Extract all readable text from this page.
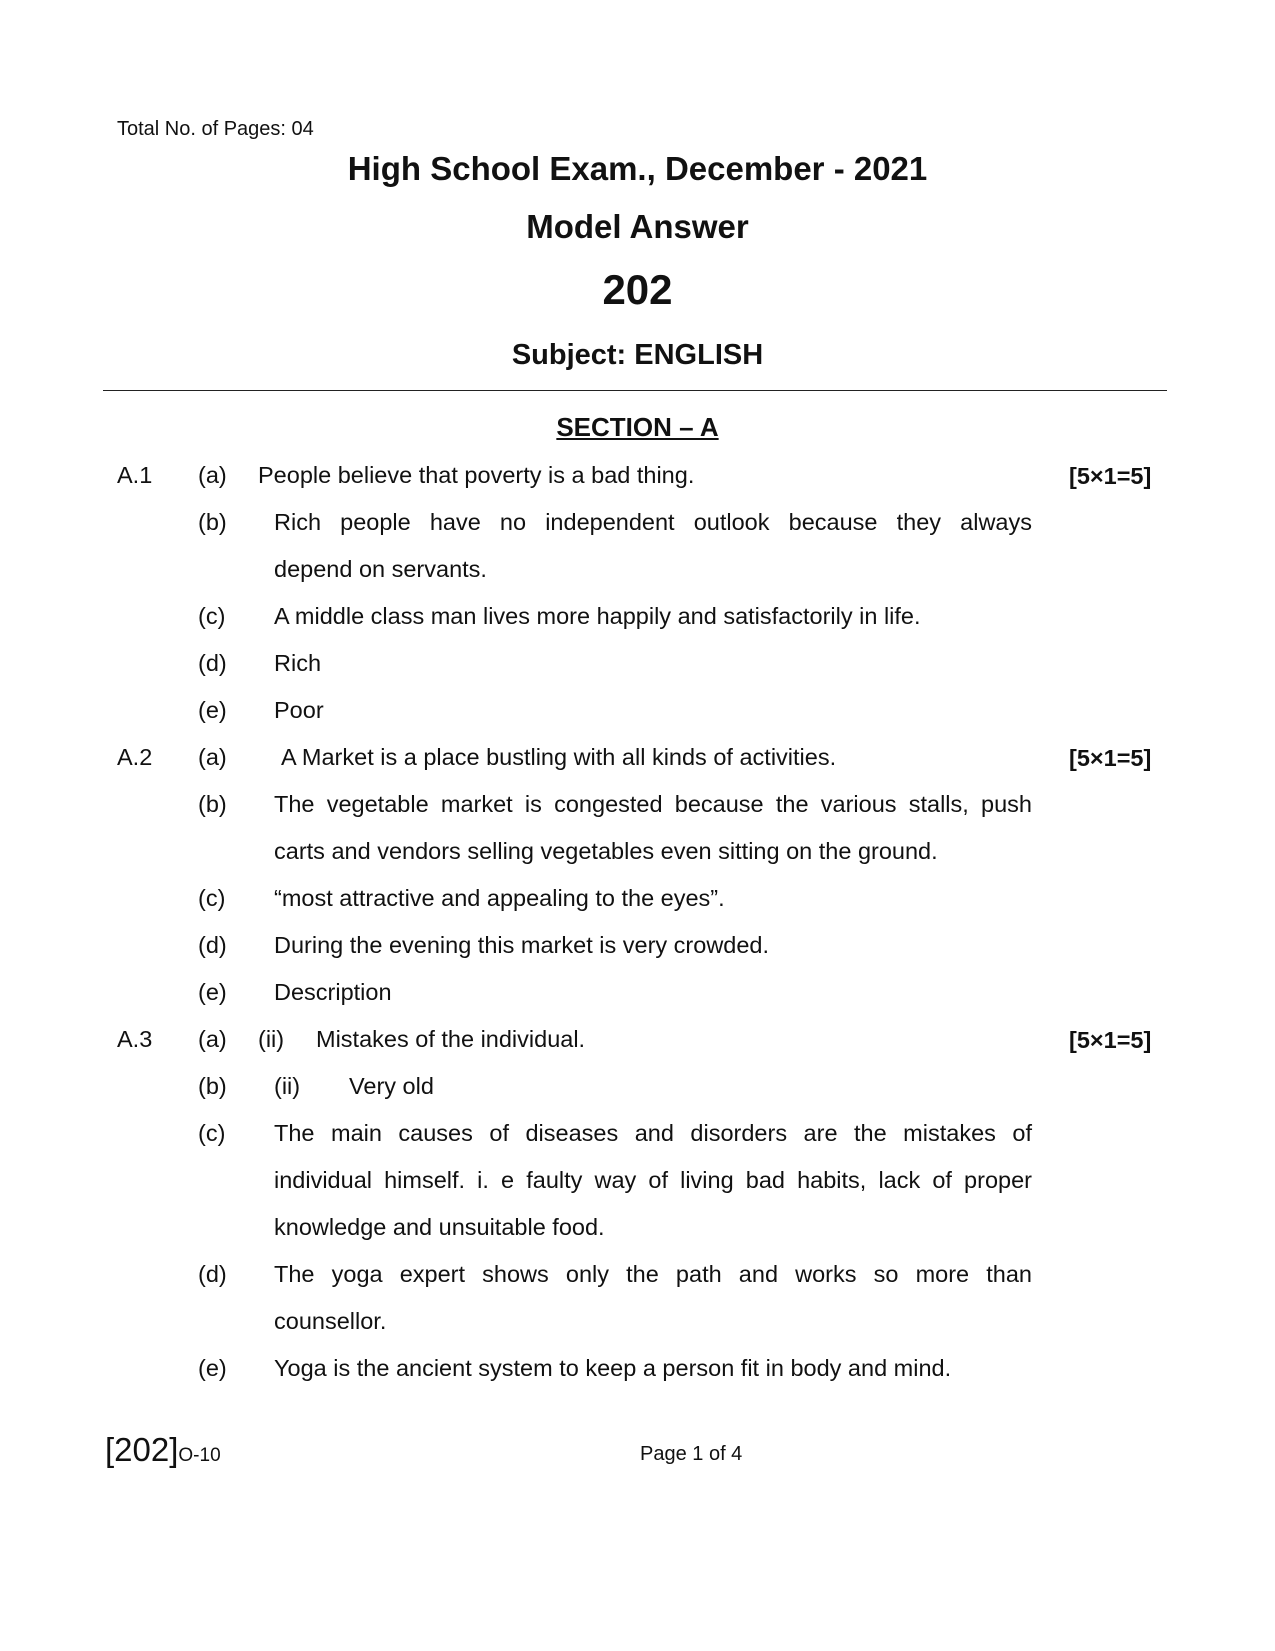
Total No. of Pages: 04
High School Exam., December - 2021
Model Answer
202
Subject: ENGLISH
SECTION – A
A.1	[5×1=5]
(a) People believe that poverty is a bad thing.
(b) Rich people have no independent outlook because they always
depend on servants.
(c) A middle class man lives more happily and satisfactorily in life.
(d) Rich
(e) Poor
A.2	[5×1=5]
(a) A Market is a place bustling with all kinds of activities.
(b) The vegetable market is congested because the various stalls, push
carts and vendors selling vegetables even sitting on the ground.
(c) “most attractive and appealing to the eyes”.
(d) During the evening this market is very crowded.
(e) Description
A.3	[5×1=5]
(a) (ii) Mistakes of the individual.
(b) (ii) Very old
(c) The main causes of diseases and disorders are the mistakes of
individual himself. i. e faulty way of living bad habits, lack of proper
knowledge and unsuitable food.
(d) The yoga expert shows only the path and works so more than
counsellor.
(e) Yoga is the ancient system to keep a person fit in body and mind.
[202]O-10	Page 1 of 4
